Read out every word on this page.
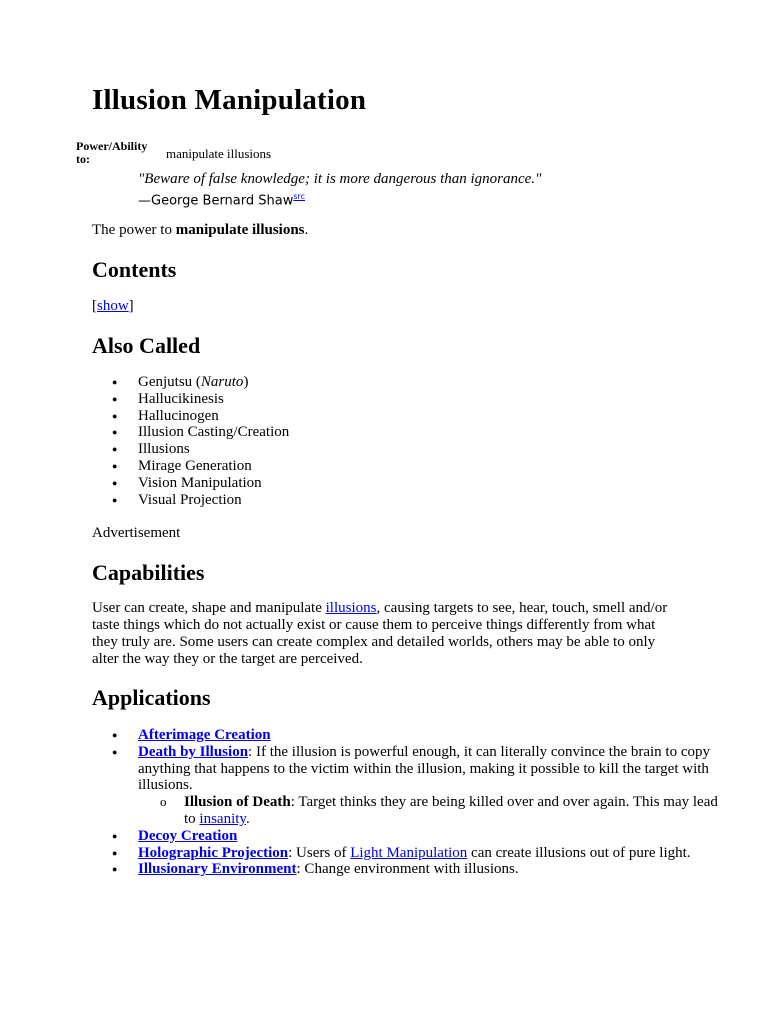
Illusion Manipulation
Power/Ability to:	manipulate illusions
"Beware of false knowledge; it is more dangerous than ignorance."
—George Bernard Shaw$^{src}$

The power to manipulate illusions.

Contents
[show]
Also Called
● Genjutsu (Naruto)
● Hallucikinesis
● Hallucinogen
● Illusion Casting/Creation
● Illusions
● Mirage Generation
● Vision Manipulation
● Visual Projection
Advertisement
Capabilities

User can create, shape and manipulate illusions, causing targets to see, hear, touch, smell and/or taste things which do not actually exist or cause them to perceive things differently from what they truly are. Some users can create complex and detailed worlds, others may be able to only alter the way they or the target are perceived.

Applications
● Afterimage Creation
● Death by Illusion: If the illusion is powerful enough, it can literally convince the brain to copy anything that happens to the victim within the illusion, making it possible to kill the target with illusions.
o Illusion of Death: Target thinks they are being killed over and over again. This may lead to insanity.
● Decoy Creation
● Holographic Projection: Users of Light Manipulation can create illusions out of pure light.
● Illusionary Environment: Change environment with illusions.
